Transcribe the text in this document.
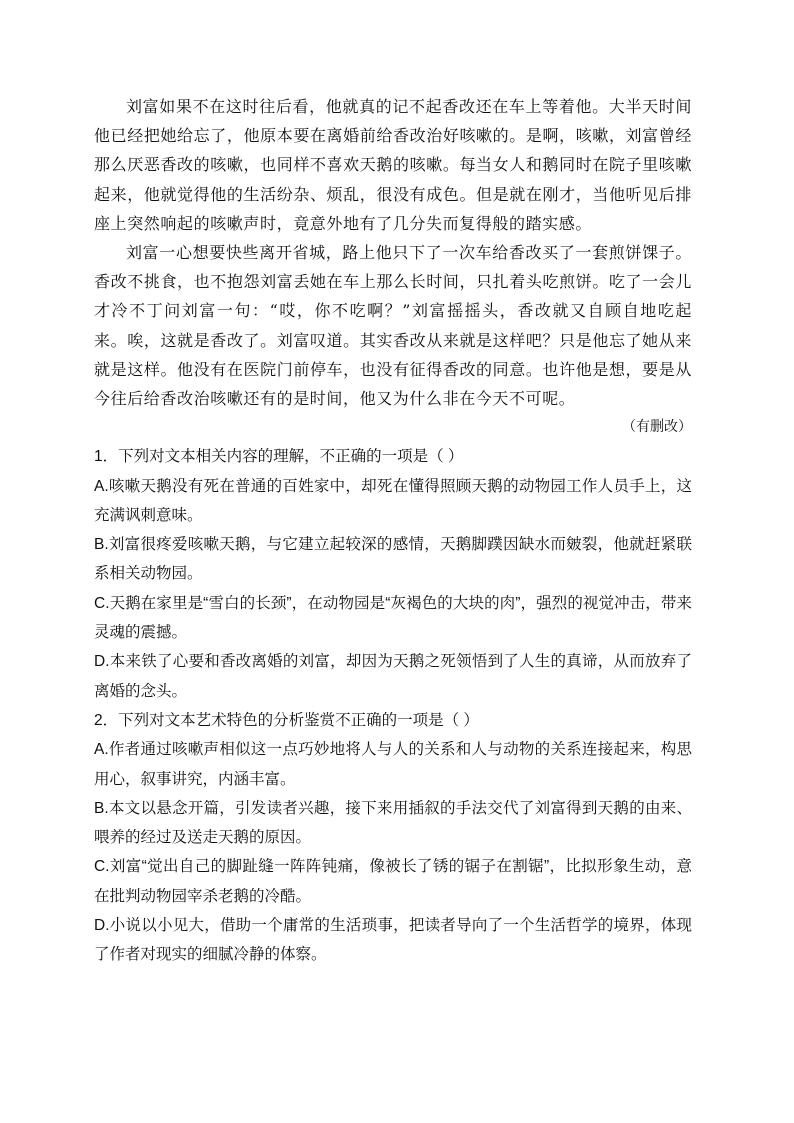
刘富如果不在这时往后看，他就真的记不起香改还在车上等着他。大半天时间他已经把她给忘了，他原本要在离婚前给香改治好咳嗽的。是啊，咳嗽，刘富曾经那么厌恶香改的咳嗽，也同样不喜欢天鹅的咳嗽。每当女人和鹅同时在院子里咳嗽起来，他就觉得他的生活纷杂、烦乱，很没有成色。但是就在刚才，当他听见后排座上突然响起的咳嗽声时，竟意外地有了几分失而复得般的踏实感。

刘富一心想要快些离开省城，路上他只下了一次车给香改买了一套煎饼馃子。香改不挑食，也不抱怨刘富丢她在车上那么长时间，只扎着头吃煎饼。吃了一会儿才冷不丁问刘富一句：“哎，你不吃啊？”刘富摇摇头，香改就又自顾自地吃起来。唉，这就是香改了。刘富叹道。其实香改从来就是这样吧？只是他忘了她从来就是这样。他没有在医院门前停车，也没有征得香改的同意。也许他是想，要是从今往后给香改治咳嗽还有的是时间，他又为什么非在今天不可呢。

（有删改）

1．下列对文本相关内容的理解，不正确的一项是（ ）

A.咳嗽天鹅没有死在普通的百姓家中，却死在懂得照顾天鹅的动物园工作人员手上，这充满讽刺意味。

B.刘富很疼爱咳嗽天鹅，与它建立起较深的感情，天鹅脚蹼因缺水而皴裂，他就赶紧联系相关动物园。

C.天鹅在家里是“雪白的长颈”，在动物园是“灰褐色的大块的肉”，强烈的视觉冲击，带来灵魂的震撼。

D.本来铁了心要和香改离婚的刘富，却因为天鹅之死领悟到了人生的真谛，从而放弃了离婚的念头。

2．下列对文本艺术特色的分析鉴赏不正确的一项是（ ）

A.作者通过咳嗽声相似这一点巧妙地将人与人的关系和人与动物的关系连接起来，构思用心，叙事讲究，内涵丰富。

B.本文以悬念开篇，引发读者兴趣，接下来用插叙的手法交代了刘富得到天鹅的由来、喂养的经过及送走天鹅的原因。

C.刘富“觉出自己的脚趾缝一阵阵钝痛，像被长了锈的锯子在割锯”，比拟形象生动，意在批判动物园宰杀老鹅的冷酷。

D.小说以小见大，借助一个庸常的生活琐事，把读者导向了一个生活哲学的境界，体现了作者对现实的细腻冷静的体察。
